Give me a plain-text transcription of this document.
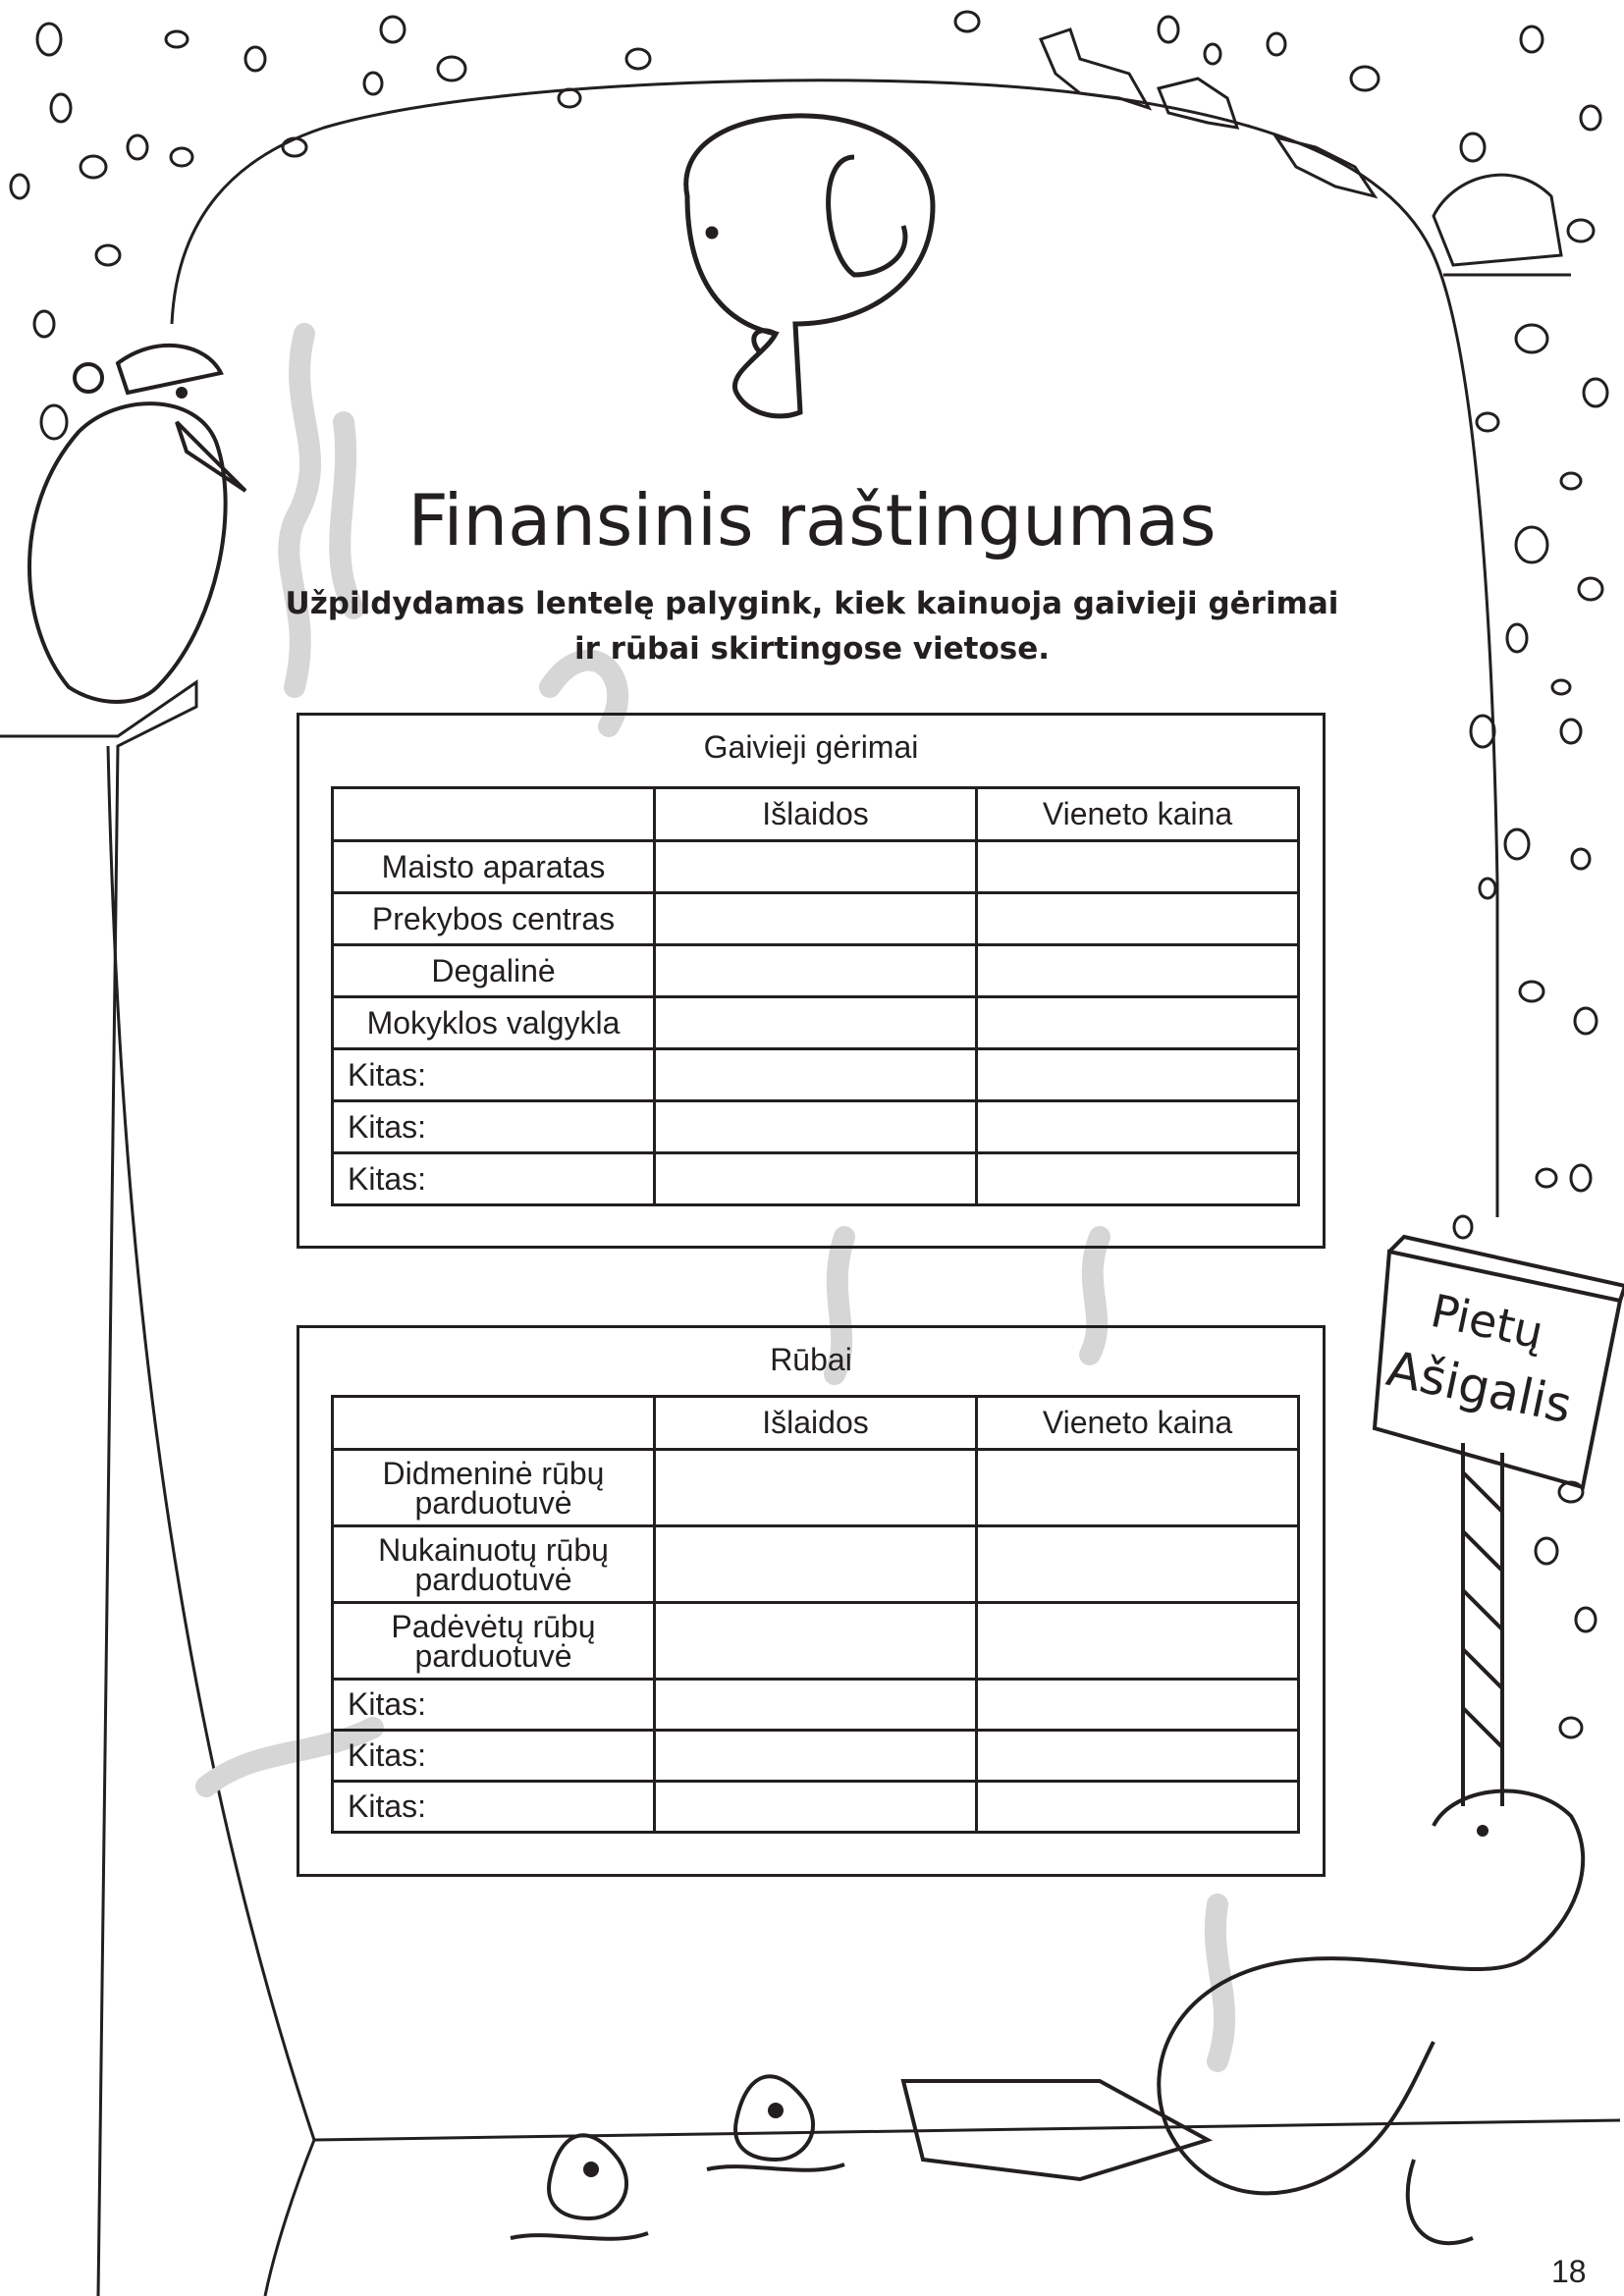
Finansinis raštingumas
Užpildydamas lentelę palygink, kiek kainuoja gaivieji gėrimai
ir rūbai skirtingose vietose.
Gaivieji gėrimai
	Išlaidos	Vieneto kaina
Maisto aparatas		
Prekybos centras		
Degalinė		
Mokyklos valgykla		
Kitas:		
Kitas:		
Kitas:		
Rūbai
	Išlaidos	Vieneto kaina

Didmeninė rūbų
parduotuvė		

Nukainuotų rūbų
parduotuvė		

Padėvėtų rūbų
parduotuvė		

Kitas:		
Kitas:		
Kitas:		
Pietų
Ašigalis
18
